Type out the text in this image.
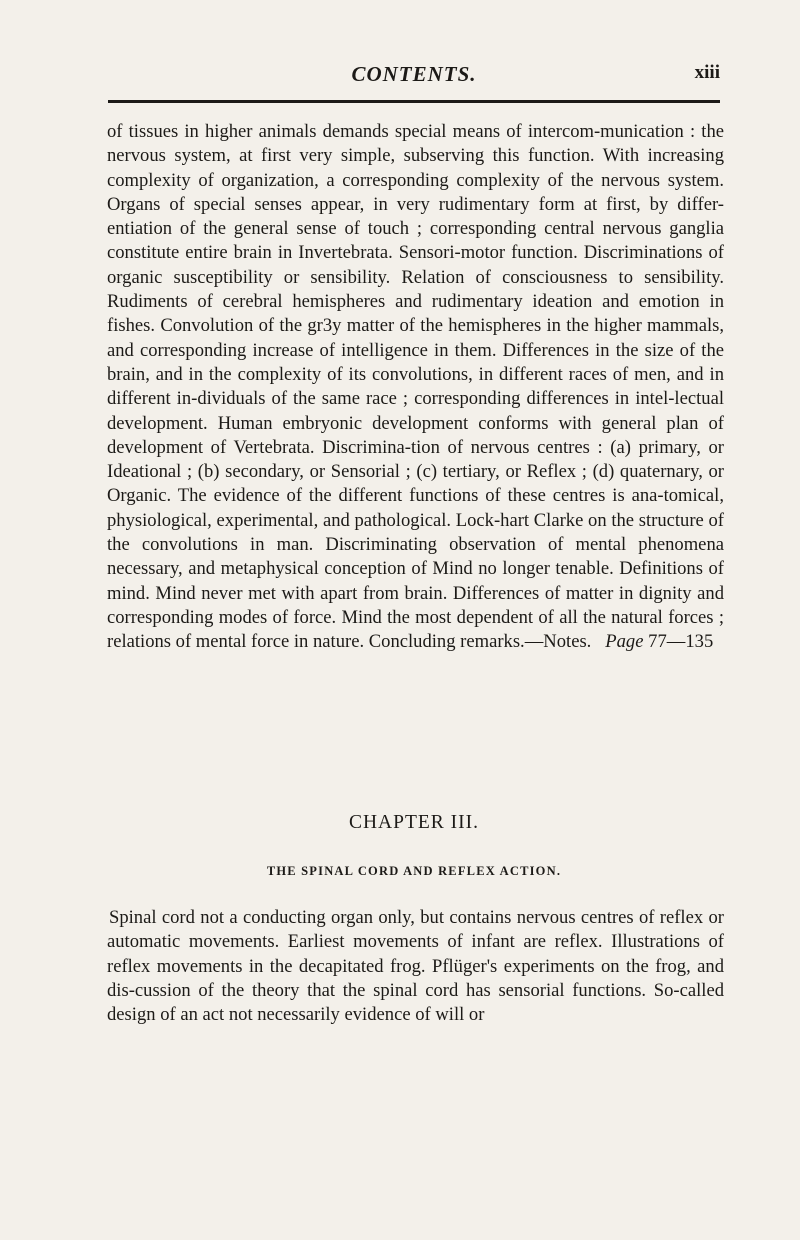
CONTENTS.	xiii

of tissues in higher animals demands special means of intercom-munication : the nervous system, at first very simple, subserving this function. With increasing complexity of organization, a corresponding complexity of the nervous system. Organs of special senses appear, in very rudimentary form at first, by differ-entiation of the general sense of touch ; corresponding central nervous ganglia constitute entire brain in Invertebrata. Sensori-motor function. Discriminations of organic susceptibility or sensibility. Relation of consciousness to sensibility. Rudiments of cerebral hemispheres and rudimentary ideation and emotion in fishes. Convolution of the gr3y matter of the hemispheres in the higher mammals, and corresponding increase of intelligence in them. Differences in the size of the brain, and in the complexity of its convolutions, in different races of men, and in different in-dividuals of the same race ; corresponding differences in intel-lectual development. Human embryonic development conforms with general plan of development of Vertebrata. Discrimina-tion of nervous centres : (a) primary, or Ideational ; (b) secondary, or Sensorial ; (c) tertiary, or Reflex ; (d) quaternary, or Organic. The evidence of the different functions of these centres is ana-tomical, physiological, experimental, and pathological. Lock-hart Clarke on the structure of the convolutions in man. Discriminating observation of mental phenomena necessary, and metaphysical conception of Mind no longer tenable. Definitions of mind. Mind never met with apart from brain. Differences of matter in dignity and corresponding modes of force. Mind the most dependent of all the natural forces ; relations of mental force in nature. Concluding remarks.—Notes. Page 77—135

CHAPTER III.
THE SPINAL CORD AND REFLEX ACTION.

Spinal cord not a conducting organ only, but contains nervous centres of reflex or automatic movements. Earliest movements of infant are reflex. Illustrations of reflex movements in the decapitated frog. Pflüger's experiments on the frog, and dis-cussion of the theory that the spinal cord has sensorial functions. So-called design of an act not necessarily evidence of will or
